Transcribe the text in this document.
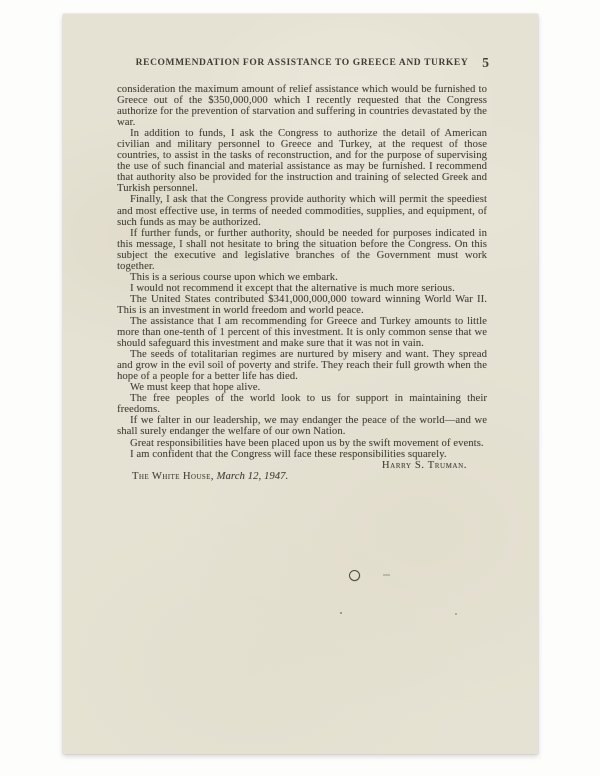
RECOMMENDATION FOR ASSISTANCE TO GREECE AND TURKEY	5

consideration the maximum amount of relief assistance which would be furnished to Greece out of the $350,000,000 which I recently requested that the Congress authorize for the prevention of starvation and suffering in countries devastated by the war.

In addition to funds, I ask the Congress to authorize the detail of American civilian and military personnel to Greece and Turkey, at the request of those countries, to assist in the tasks of reconstruction, and for the purpose of supervising the use of such financial and material assistance as may be furnished. I recommend that authority also be provided for the instruction and training of selected Greek and Turkish personnel.

Finally, I ask that the Congress provide authority which will permit the speediest and most effective use, in terms of needed commodities, supplies, and equipment, of such funds as may be authorized.

If further funds, or further authority, should be needed for purposes indicated in this message, I shall not hesitate to bring the situation before the Congress. On this subject the executive and legislative branches of the Government must work together.

This is a serious course upon which we embark.

I would not recommend it except that the alternative is much more serious.

The United States contributed $341,000,000,000 toward winning World War II. This is an investment in world freedom and world peace.

The assistance that I am recommending for Greece and Turkey amounts to little more than one-tenth of 1 percent of this investment. It is only common sense that we should safeguard this investment and make sure that it was not in vain.

The seeds of totalitarian regimes are nurtured by misery and want. They spread and grow in the evil soil of poverty and strife. They reach their full growth when the hope of a people for a better life has died.

We must keep that hope alive.

The free peoples of the world look to us for support in maintaining their freedoms.

If we falter in our leadership, we may endanger the peace of the world—and we shall surely endanger the welfare of our own Nation.

Great responsibilities have been placed upon us by the swift movement of events.

I am confident that the Congress will face these responsibilities squarely.

Harry S. Truman.

The White House, March 12, 1947.
